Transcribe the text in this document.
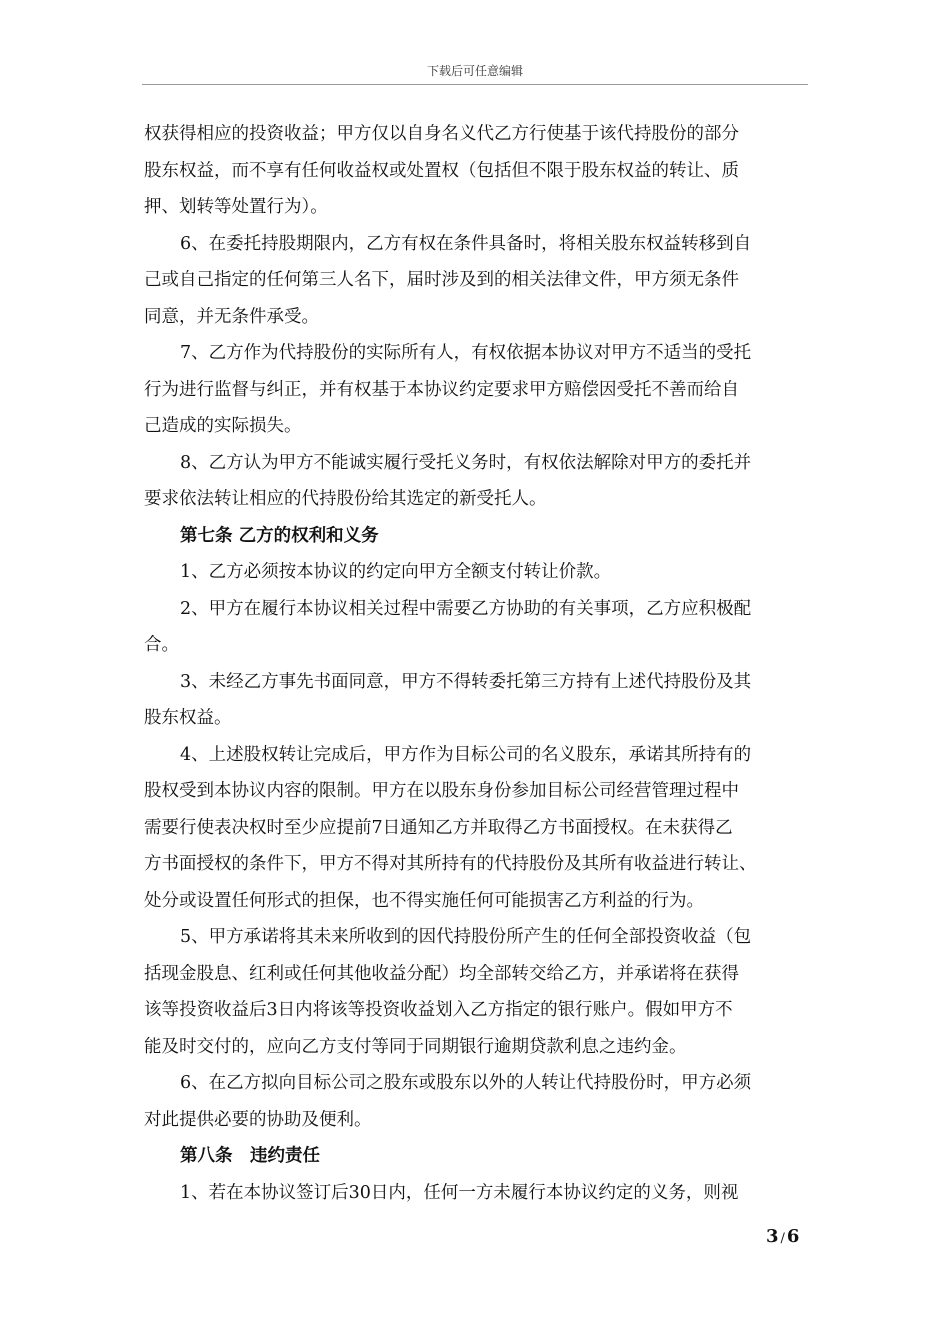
下载后可任意编辑
权获得相应的投资收益；甲方仅以自身名义代乙方行使基于该代持股份的部分
股东权益，而不享有任何收益权或处置权（包括但不限于股东权益的转让、质
押、划转等处置行为）。
6、在委托持股期限内，乙方有权在条件具备时，将相关股东权益转移到自
己或自己指定的任何第三人名下，届时涉及到的相关法律文件，甲方须无条件
同意，并无条件承受。
7、乙方作为代持股份的实际所有人，有权依据本协议对甲方不适当的受托
行为进行监督与纠正，并有权基于本协议约定要求甲方赔偿因受托不善而给自
己造成的实际损失。
8、乙方认为甲方不能诚实履行受托义务时，有权依法解除对甲方的委托并
要求依法转让相应的代持股份给其选定的新受托人。
第七条 乙方的权利和义务
1、乙方必须按本协议的约定向甲方全额支付转让价款。
2、甲方在履行本协议相关过程中需要乙方协助的有关事项，乙方应积极配
合。
3、未经乙方事先书面同意，甲方不得转委托第三方持有上述代持股份及其
股东权益。
4、上述股权转让完成后，甲方作为目标公司的名义股东，承诺其所持有的
股权受到本协议内容的限制。甲方在以股东身份参加目标公司经营管理过程中
需要行使表决权时至少应提前7日通知乙方并取得乙方书面授权。在未获得乙
方书面授权的条件下，甲方不得对其所持有的代持股份及其所有收益进行转让、
处分或设置任何形式的担保，也不得实施任何可能损害乙方利益的行为。
5、甲方承诺将其未来所收到的因代持股份所产生的任何全部投资收益（包
括现金股息、红利或任何其他收益分配）均全部转交给乙方，并承诺将在获得
该等投资收益后3日内将该等投资收益划入乙方指定的银行账户。假如甲方不
能及时交付的，应向乙方支付等同于同期银行逾期贷款利息之违约金。
6、在乙方拟向目标公司之股东或股东以外的人转让代持股份时，甲方必须
对此提供必要的协助及便利。
第八条　违约责任
1、若在本协议签订后30日内，任何一方未履行本协议约定的义务，则视
3 / 6
